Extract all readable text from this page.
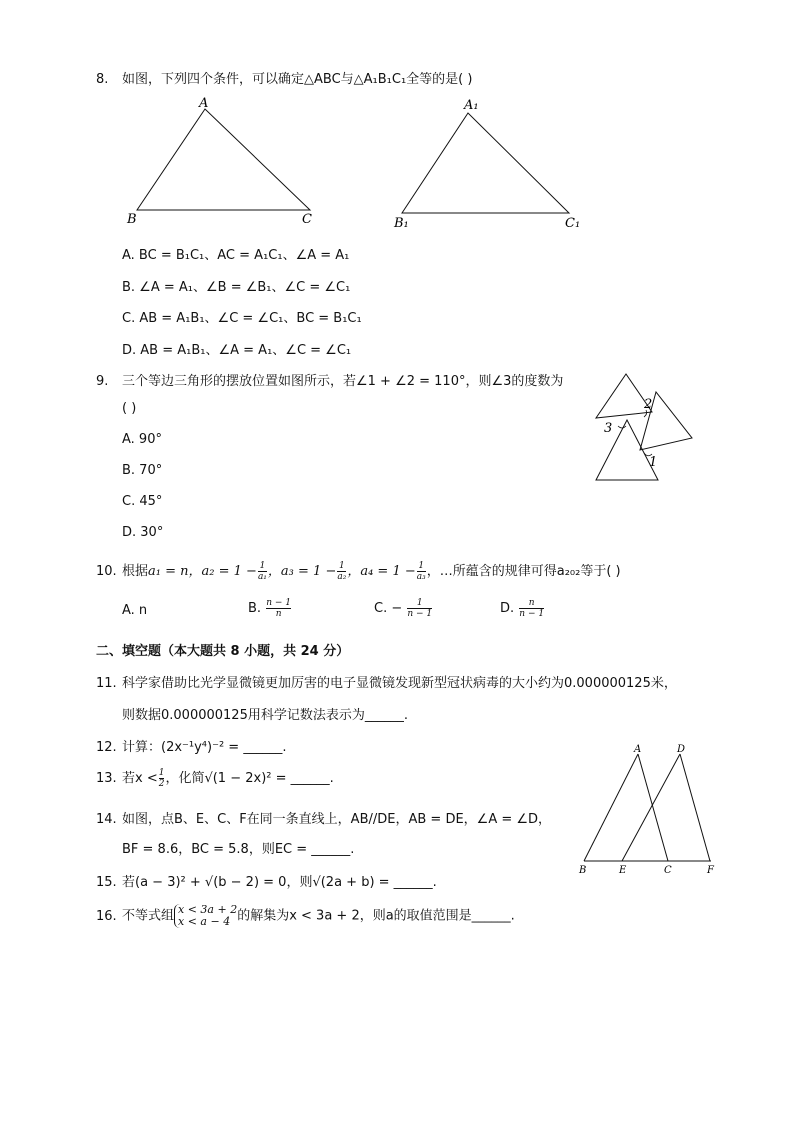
8. 如图，下列四个条件，可以确定△ABC与△A₁B₁C₁全等的是( )
A
B	C
A₁
B₁	C₁
A. BC = B₁C₁、AC = A₁C₁、∠A = A₁
B. ∠A = A₁、∠B = ∠B₁、∠C = ∠C₁
C. AB = A₁B₁、∠C = ∠C₁、BC = B₁C₁
D. AB = A₁B₁、∠A = A₁、∠C = ∠C₁
9. 三个等边三角形的摆放位置如图所示，若∠1 + ∠2 = 110°，则∠3的度数为
( )
A. 90°
B. 70°
C. 45°
D. 30°
2
3
1
10. 根据a₁ = n，$a_2 = 1 - \frac{1}{\text{a₁}}$ ，$a_3 = 1 - \frac{1}{\text{a₂}}$ ，$a_4 = 1 - \frac{1}{\text{a₃}}$ ，…所蕴含的规律可得a₂₀₂等于( )
A. n	B. $\frac{n - 1}{n}$	C. − $\frac{1}{n - 1}$	D. $\frac{n}{n - 1}$
二、填空题（本大题共 8 小题，共 24 分）
11. 科学家借助比光学显微镜更加厉害的电子显微镜发现新型冠状病毒的大小约为0.000000125米，
则数据0.000000125用科学记数法表示为______.
12. 计算：(2x⁻¹y⁴)⁻² = ______.
13. 若$x < \frac{1}{2}$ ，化简√(1 − 2x)² = ______.
14. 如图，点B、E、C、F在同一条直线上，AB//DE，AB = DE，∠A = ∠D，
BF = 8.6，BC = 5.8，则EC = ______.
A	D
B	E	C	F
15. 若(a − 3)² + √(b − 2) = 0，则√(2a + b) = ______.
16. 不等式组 x < 3a + 2
x < a − 4 的解集为x < 3a + 2，则a的取值范围是______.
